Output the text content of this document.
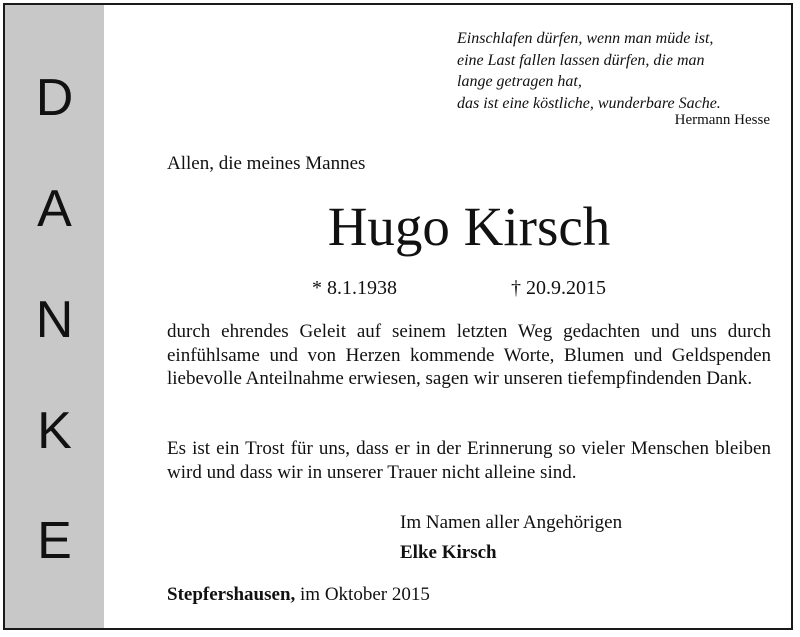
D
A
N
K
E
Einschlafen dürfen, wenn man müde ist,
eine Last fallen lassen dürfen, die man
lange getragen hat,
das ist eine köstliche, wunderbare Sache.
Hermann Hesse
Allen, die meines Mannes
Hugo Kirsch
* 8.1.1938	† 20.9.2015
durch ehrendes Geleit auf seinem letzten Weg gedachten und uns durch einfühlsame und von Herzen kommende Worte, Blumen und Geldspenden liebevolle Anteilnahme erwiesen, sagen wir unseren tiefempfindenden Dank.
Es ist ein Trost für uns, dass er in der Erinnerung so vieler Menschen bleiben wird und dass wir in unserer Trauer nicht alleine sind.
Im Namen aller Angehörigen
Elke Kirsch
Stepfershausen, im Oktober 2015
